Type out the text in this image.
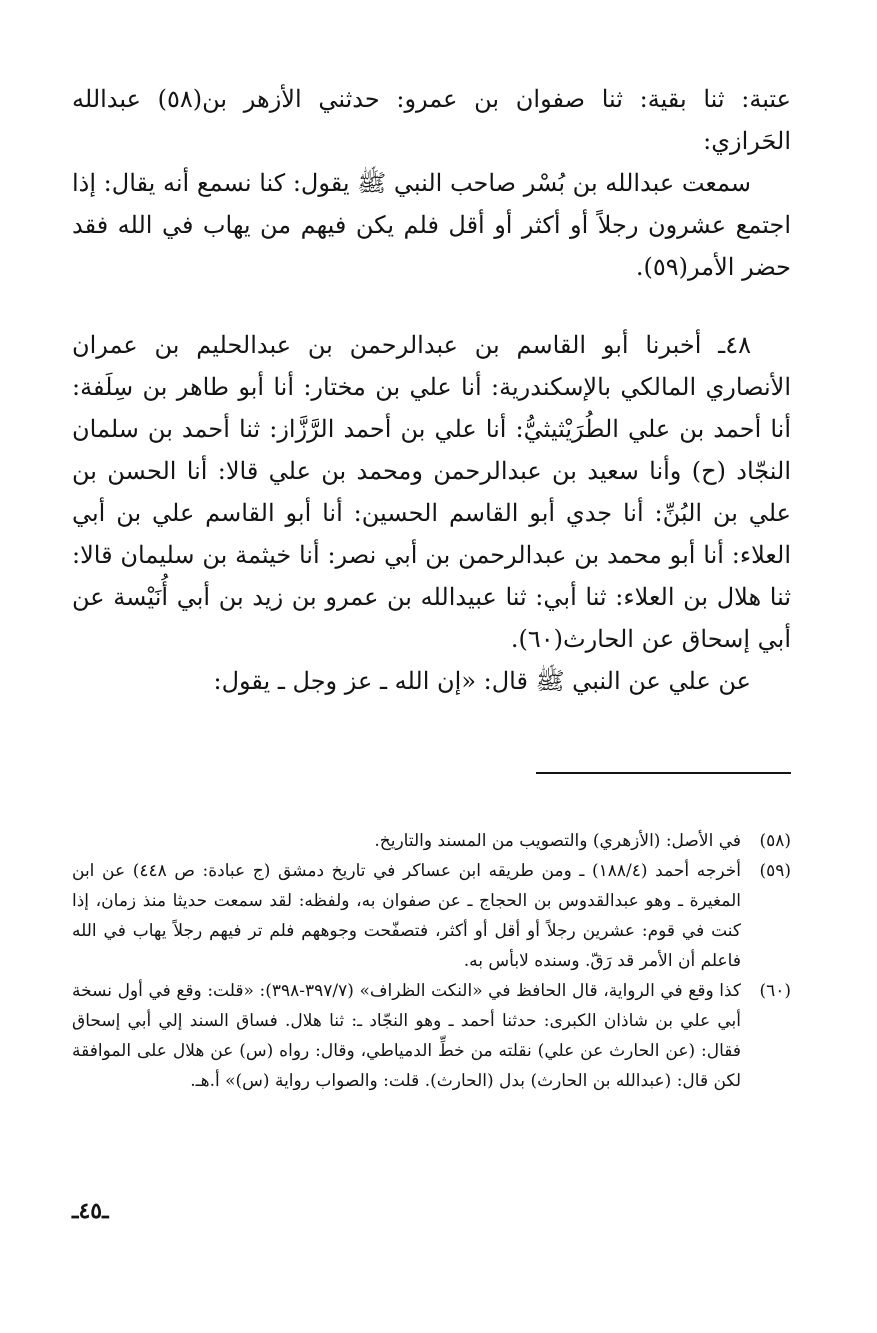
عتبة: ثنا بقية: ثنا صفوان بن عمرو: حدثني الأزهر بن(٥٨) عبدالله الحَرازي:

سمعت عبدالله بن بُسْر صاحب النبي ﷺ يقول: كنا نسمع أنه يقال: إذا اجتمع عشرون رجلاً أو أكثر أو أقل فلم يكن فيهم من يهاب في الله فقد حضر الأمر(٥٩).

٤٨ـ أخبرنا أبو القاسم بن عبدالرحمن بن عبدالحليم بن عمران الأنصاري المالكي بالإسكندرية: أنا علي بن مختار: أنا أبو طاهر بن سِلَفة: أنا أحمد بن علي الطُرَيْثيثيُّ: أنا علي بن أحمد الرَّزَّاز: ثنا أحمد بن سلمان النجّاد (ح) وأنا سعيد بن عبدالرحمن ومحمد بن علي قالا: أنا الحسن بن علي بن البُنِّ: أنا جدي أبو القاسم الحسين: أنا أبو القاسم علي بن أبي العلاء: أنا أبو محمد بن عبدالرحمن بن أبي نصر: أنا خيثمة بن سليمان قالا: ثنا هلال بن العلاء: ثنا أبي: ثنا عبيدالله بن عمرو بن زيد بن أبي أُنَيْسة عن أبي إسحاق عن الحارث(٦٠).

عن علي عن النبي ﷺ قال: «إن الله ـ عز وجل ـ يقول:

(٥٨)
في الأصل: (الأزهري) والتصويب من المسند والتاريخ.
(٥٩)
أخرجه أحمد (١٨٨/٤) ـ ومن طريقه ابن عساكر في تاريخ دمشق (ج عبادة: ص ٤٤٨) عن ابن المغيرة ـ وهو عبدالقدوس بن الحجاج ـ عن صفوان به، ولفظه: لقد سمعت حديثا منذ زمان، إذا كنت في قوم: عشرين رجلاً أو أقل أو أكثر، فتصفّحت وجوههم فلم تر فيهم رجلاً يهاب في الله فاعلم أن الأمر قد رَقّ. وسنده لابأس به.
(٦٠)
كذا وقع في الرواية، قال الحافظ في «النكت الظراف» (٣٩٧/٧-٣٩٨): «قلت: وقع في أول نسخة أبي علي بن شاذان الكبرى: حدثنا أحمد ـ وهو النجّاد ـ: ثنا هلال. فساق السند إلي أبي إسحاق فقال: (عن الحارث عن علي) نقلته من خطِّ الدمياطي، وقال: رواه (س) عن هلال على الموافقة لكن قال: (عبدالله بن الحارث) بدل (الحارث). قلت: والصواب رواية (س)» أ.هـ.
ـ٤٥ـ
